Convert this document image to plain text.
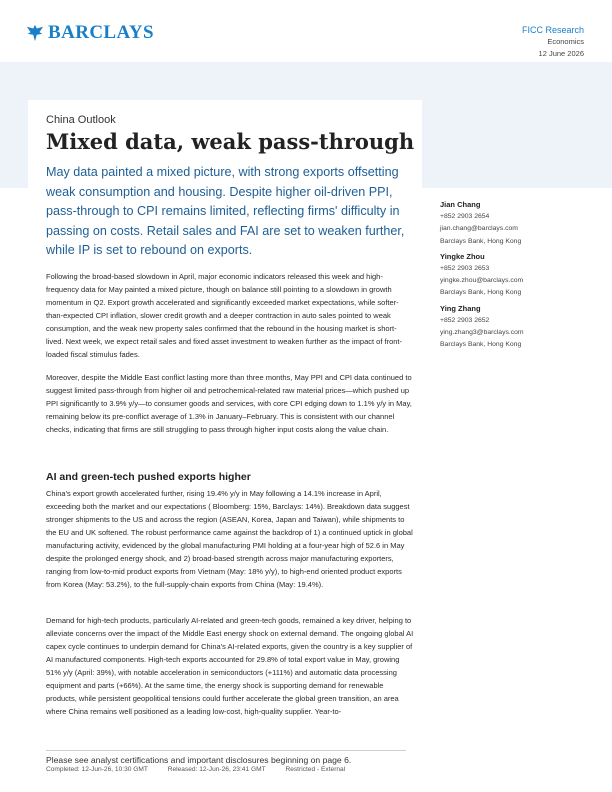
BARCLAYS	FICC Research
Economics
12 June 2026
China Outlook
Mixed data, weak pass-through
May data painted a mixed picture, with strong exports offsetting weak consumption and housing. Despite higher oil-driven PPI, pass-through to CPI remains limited, reflecting firms' difficulty in passing on costs. Retail sales and FAI are set to weaken further, while IP is set to rebound on exports.
Following the broad-based slowdown in April, major economic indicators released this week and high-frequency data for May painted a mixed picture, though on balance still pointing to a slowdown in growth momentum in Q2. Export growth accelerated and significantly exceeded market expectations, while softer-than-expected CPI inflation, slower credit growth and a deeper contraction in auto sales pointed to weak consumption, and the weak new property sales confirmed that the rebound in the housing market is short-lived. Next week, we expect retail sales and fixed asset investment to weaken further as the impact of front-loaded fiscal stimulus fades.
Moreover, despite the Middle East conflict lasting more than three months, May PPI and CPI data continued to suggest limited pass-through from higher oil and petrochemical-related raw material prices—which pushed up PPI significantly to 3.9% y/y—to consumer goods and services, with core CPI edging down to 1.1% y/y in May, remaining below its pre-conflict average of 1.3% in January–February. This is consistent with our channel checks, indicating that firms are still struggling to pass through higher input costs along the value chain.
AI and green-tech pushed exports higher
China's export growth accelerated further, rising 19.4% y/y in May following a 14.1% increase in April, exceeding both the market and our expectations ( Bloomberg: 15%, Barclays: 14%). Breakdown data suggest stronger shipments to the US and across the region (ASEAN, Korea, Japan and Taiwan), while shipments to the EU and UK softened. The robust performance came against the backdrop of 1) a continued uptick in global manufacturing activity, evidenced by the global manufacturing PMI holding at a four-year high of 52.6 in May despite the prolonged energy shock, and 2) broad-based strength across major manufacturing exporters, ranging from low-to-mid product exports from Vietnam (May: 18% y/y), to high-end oriented product exports from Korea (May: 53.2%), to the full-supply-chain exports from China (May: 19.4%).
Demand for high-tech products, particularly AI-related and green-tech goods, remained a key driver, helping to alleviate concerns over the impact of the Middle East energy shock on external demand. The ongoing global AI capex cycle continues to underpin demand for China's AI-related exports, given the country is a key supplier of AI manufactured components. High-tech exports accounted for 29.8% of total export value in May, growing 51% y/y (April: 39%), with notable acceleration in semiconductors (+111%) and automatic data processing equipment and parts (+66%). At the same time, the energy shock is supporting demand for renewable products, while persistent geopolitical tensions could further accelerate the global green transition, an area where China remains well positioned as a leading low-cost, high-quality supplier. Year-to-
Jian Chang
+852 2903 2654
jian.chang@barclays.com
Barclays Bank, Hong Kong
Yingke Zhou
+852 2903 2653
yingke.zhou@barclays.com
Barclays Bank, Hong Kong
Ying Zhang
+852 2903 2652
ying.zhang3@barclays.com
Barclays Bank, Hong Kong
Please see analyst certifications and important disclosures beginning on page 6.
Completed: 12-Jun-26, 10:30 GMT	Released: 12-Jun-26, 23:41 GMT	Restricted - External
